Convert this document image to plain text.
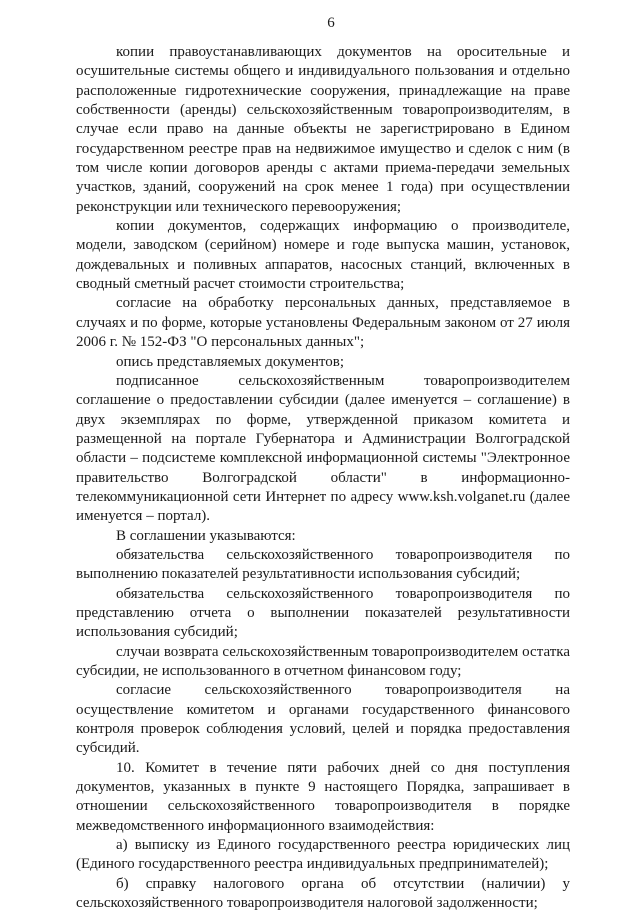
6

копии правоустанавливающих документов на оросительные и осушительные системы общего и индивидуального пользования и отдельно расположенные гидротехнические сооружения, принадлежащие на праве собственности (аренды) сельскохозяйственным товаропроизводителям, в случае если право на данные объекты не зарегистрировано в Едином государственном реестре прав на недвижимое имущество и сделок с ним (в том числе копии договоров аренды с актами приема-передачи земельных участков, зданий, сооружений на срок менее 1 года) при осуществлении реконструкции или технического перевооружения;

копии документов, содержащих информацию о производителе, модели, заводском (серийном) номере и годе выпуска машин, установок, дождевальных и поливных аппаратов, насосных станций, включенных в сводный сметный расчет стоимости строительства;

согласие на обработку персональных данных, представляемое в случаях и по форме, которые установлены Федеральным законом от 27 июля 2006 г. № 152-ФЗ "О персональных данных";

опись представляемых документов;

подписанное сельскохозяйственным товаропроизводителем соглашение о предоставлении субсидии (далее именуется – соглашение) в двух экземплярах по форме, утвержденной приказом комитета и размещенной на портале Губернатора и Администрации Волгоградской области – подсистеме комплексной информационной системы "Электронное правительство Волгоградской области" в информационно-телекоммуникационной сети Интернет по адресу www.ksh.volganet.ru (далее именуется – портал).

В соглашении указываются:

обязательства сельскохозяйственного товаропроизводителя по выполнению показателей результативности использования субсидий;

обязательства сельскохозяйственного товаропроизводителя по представлению отчета о выполнении показателей результативности использования субсидий;

случаи возврата сельскохозяйственным товаропроизводителем остатка субсидии, не использованного в отчетном финансовом году;

согласие сельскохозяйственного товаропроизводителя на осуществление комитетом и органами государственного финансового контроля проверок соблюдения условий, целей и порядка предоставления субсидий.

10. Комитет в течение пяти рабочих дней со дня поступления документов, указанных в пункте 9 настоящего Порядка, запрашивает в отношении сельскохозяйственного товаропроизводителя в порядке межведомственного информационного взаимодействия:

а) выписку из Единого государственного реестра юридических лиц (Единого государственного реестра индивидуальных предпринимателей);

б) справку налогового органа об отсутствии (наличии) у сельскохозяйственного товаропроизводителя налоговой задолженности;
